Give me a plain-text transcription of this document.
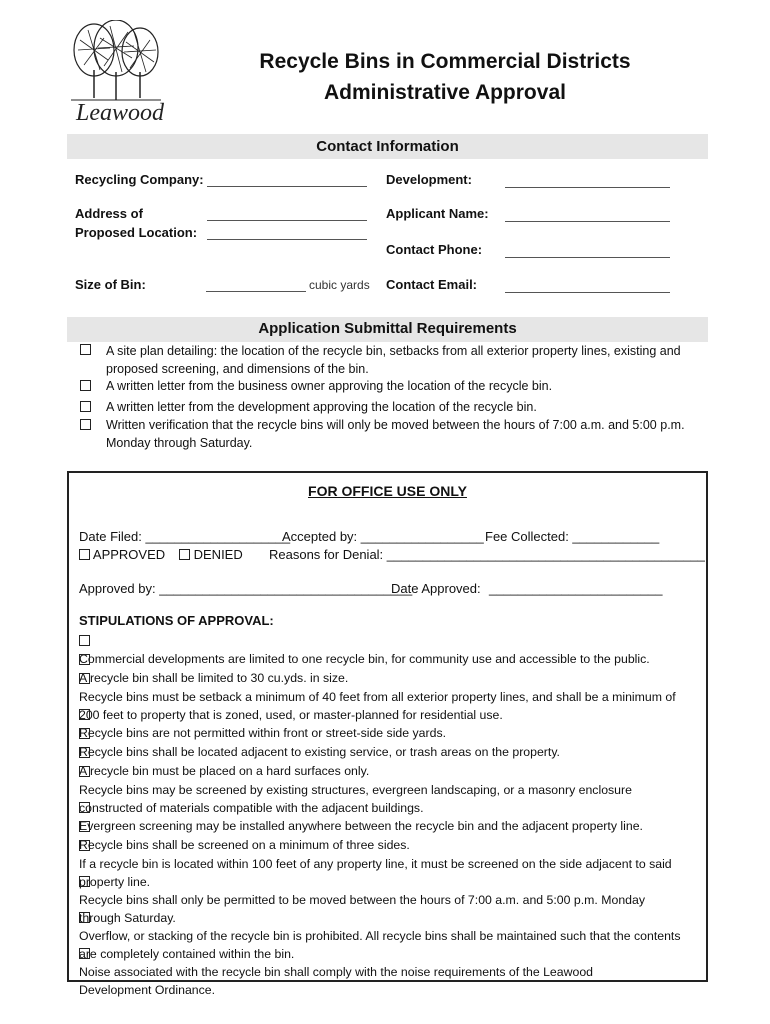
Leawood
Recycle Bins in Commercial Districts
Administrative Approval
Contact Information
Recycling Company:
Address of
Proposed Location:
Size of Bin:	cubic yards
Development:
Applicant Name:
Contact Phone:
Contact Email:
Application Submittal Requirements
A site plan detailing: the location of the recycle bin, setbacks from all exterior property lines, existing and
proposed screening, and dimensions of the bin.
A written letter from the business owner approving the location of the recycle bin.
A written letter from the development approving the location of the recycle bin.
Written verification that the recycle bins will only be moved between the hours of 7:00 a.m. and 5:00 p.m.
Monday through Saturday.
FOR OFFICE USE ONLY
Date Filed: ____________________
Accepted by: _________________ Fee Collected: ____________
APPROVED	DENIED Reasons for Denial: ____________________________________________
Approved by: ___________________________________
Date Approved: ________________________
STIPULATIONS OF APPROVAL:
Commercial developments are limited to one recycle bin, for community use and accessible to the public.
A recycle bin shall be limited to 30 cu.yds. in size.
Recycle bins must be setback a minimum of 40 feet from all exterior property lines, and shall be a minimum of
200 feet to property that is zoned, used, or master-planned for residential use.
Recycle bins are not permitted within front or street-side side yards.
Recycle bins shall be located adjacent to existing service, or trash areas on the property.
A recycle bin must be placed on a hard surfaces only.
Recycle bins may be screened by existing structures, evergreen landscaping, or a masonry enclosure
constructed of materials compatible with the adjacent buildings.
Evergreen screening may be installed anywhere between the recycle bin and the adjacent property line.
Recycle bins shall be screened on a minimum of three sides.
If a recycle bin is located within 100 feet of any property line, it must be screened on the side adjacent to said
property line.
Recycle bins shall only be permitted to be moved between the hours of 7:00 a.m. and 5:00 p.m. Monday
through Saturday.
Overflow, or stacking of the recycle bin is prohibited. All recycle bins shall be maintained such that the contents
are completely contained within the bin.
Noise associated with the recycle bin shall comply with the noise requirements of the Leawood
Development Ordinance.
